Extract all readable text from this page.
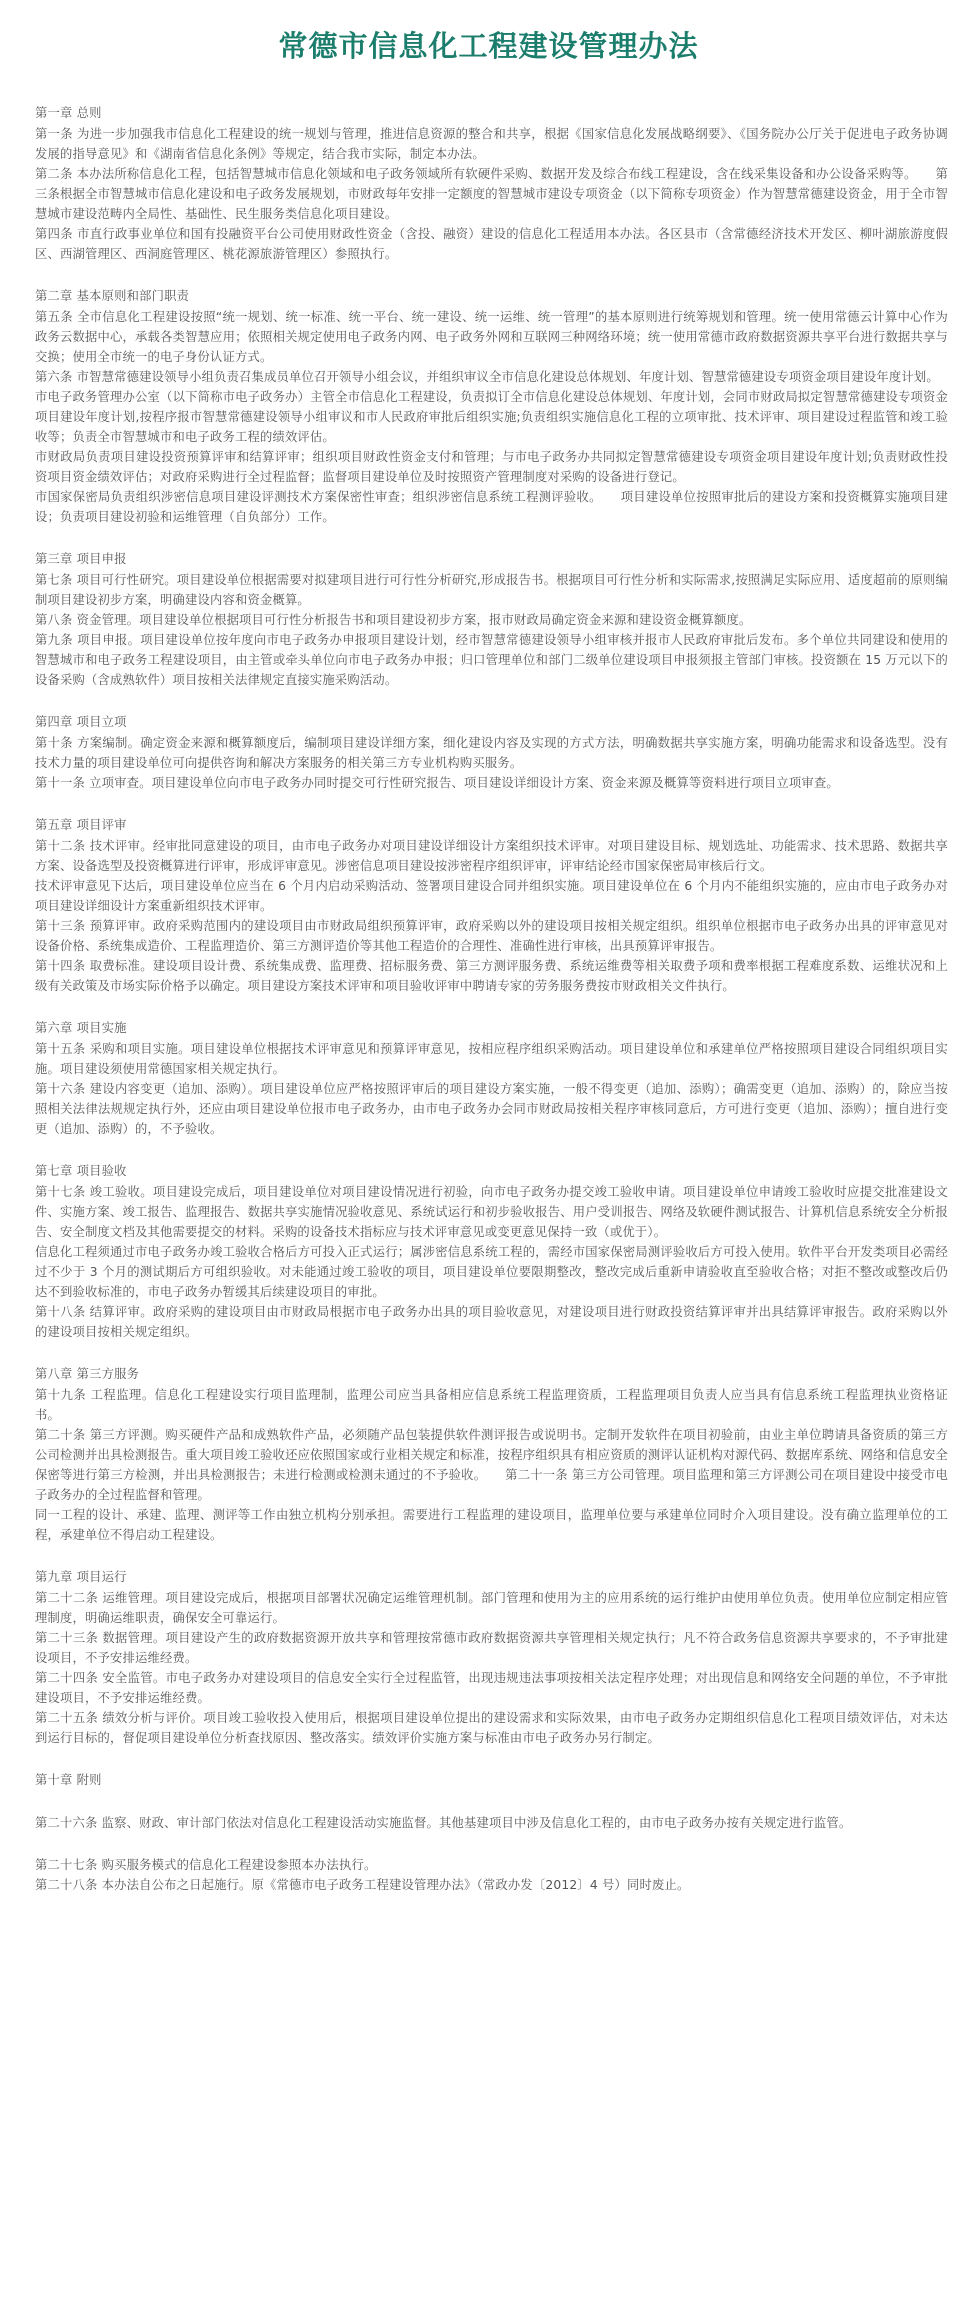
常德市信息化工程建设管理办法

第一章 总则

第一条 为进一步加强我市信息化工程建设的统一规划与管理，推进信息资源的整合和共享，根据《国家信息化发展战略纲要》、《国务院办公厅关于促进电子政务协调发展的指导意见》和《湖南省信息化条例》等规定，结合我市实际，制定本办法。

第二条 本办法所称信息化工程，包括智慧城市信息化领域和电子政务领域所有软硬件采购、数据开发及综合布线工程建设，含在线采集设备和办公设备采购等。　　第三条根据全市智慧城市信息化建设和电子政务发展规划，市财政每年安排一定额度的智慧城市建设专项资金（以下简称专项资金）作为智慧常德建设资金，用于全市智慧城市建设范畴内全局性、基础性、民生服务类信息化项目建设。

第四条 市直行政事业单位和国有投融资平台公司使用财政性资金（含投、融资）建设的信息化工程适用本办法。各区县市（含常德经济技术开发区、柳叶湖旅游度假区、西湖管理区、西洞庭管理区、桃花源旅游管理区）参照执行。

第二章 基本原则和部门职责

第五条 全市信息化工程建设按照“统一规划、统一标准、统一平台、统一建设、统一运维、统一管理”的基本原则进行统筹规划和管理。统一使用常德云计算中心作为政务云数据中心，承载各类智慧应用；依照相关规定使用电子政务内网、电子政务外网和互联网三种网络环境；统一使用常德市政府数据资源共享平台进行数据共享与交换；使用全市统一的电子身份认证方式。

第六条 市智慧常德建设领导小组负责召集成员单位召开领导小组会议，并组织审议全市信息化建设总体规划、年度计划、智慧常德建设专项资金项目建设年度计划。

市电子政务管理办公室（以下简称市电子政务办）主管全市信息化工程建设，负责拟订全市信息化建设总体规划、年度计划，会同市财政局拟定智慧常德建设专项资金项目建设年度计划,按程序报市智慧常德建设领导小组审议和市人民政府审批后组织实施;负责组织实施信息化工程的立项审批、技术评审、项目建设过程监管和竣工验收等；负责全市智慧城市和电子政务工程的绩效评估。

市财政局负责项目建设投资预算评审和结算评审；组织项目财政性资金支付和管理；与市电子政务办共同拟定智慧常德建设专项资金项目建设年度计划;负责财政性投资项目资金绩效评估；对政府采购进行全过程监督；监督项目建设单位及时按照资产管理制度对采购的设备进行登记。

市国家保密局负责组织涉密信息项目建设评测技术方案保密性审查；组织涉密信息系统工程测评验收。　　项目建设单位按照审批后的建设方案和投资概算实施项目建设；负责项目建设初验和运维管理（自负部分）工作。

第三章 项目申报

第七条 项目可行性研究。项目建设单位根据需要对拟建项目进行可行性分析研究,形成报告书。根据项目可行性分析和实际需求,按照满足实际应用、适度超前的原则编制项目建设初步方案，明确建设内容和资金概算。

第八条 资金管理。项目建设单位根据项目可行性分析报告书和项目建设初步方案，报市财政局确定资金来源和建设资金概算额度。

第九条 项目申报。项目建设单位按年度向市电子政务办申报项目建设计划，经市智慧常德建设领导小组审核并报市人民政府审批后发布。多个单位共同建设和使用的智慧城市和电子政务工程建设项目，由主管或牵头单位向市电子政务办申报；归口管理单位和部门二级单位建设项目申报须报主管部门审核。投资额在 15 万元以下的设备采购（含成熟软件）项目按相关法律规定直接实施采购活动。

第四章 项目立项

第十条 方案编制。确定资金来源和概算额度后，编制项目建设详细方案，细化建设内容及实现的方式方法，明确数据共享实施方案，明确功能需求和设备选型。没有技术力量的项目建设单位可向提供咨询和解决方案服务的相关第三方专业机构购买服务。

第十一条 立项审查。项目建设单位向市电子政务办同时提交可行性研究报告、项目建设详细设计方案、资金来源及概算等资料进行项目立项审查。

第五章 项目评审

第十二条 技术评审。经审批同意建设的项目，由市电子政务办对项目建设详细设计方案组织技术评审。对项目建设目标、规划选址、功能需求、技术思路、数据共享方案、设备选型及投资概算进行评审，形成评审意见。涉密信息项目建设按涉密程序组织评审，评审结论经市国家保密局审核后行文。

技术评审意见下达后，项目建设单位应当在 6 个月内启动采购活动、签署项目建设合同并组织实施。项目建设单位在 6 个月内不能组织实施的，应由市电子政务办对项目建设详细设计方案重新组织技术评审。

第十三条 预算评审。政府采购范围内的建设项目由市财政局组织预算评审，政府采购以外的建设项目按相关规定组织。组织单位根据市电子政务办出具的评审意见对设备价格、系统集成造价、工程监理造价、第三方测评造价等其他工程造价的合理性、准确性进行审核，出具预算评审报告。

第十四条 取费标准。建设项目设计费、系统集成费、监理费、招标服务费、第三方测评服务费、系统运维费等相关取费予项和费率根据工程难度系数、运维状况和上级有关政策及市场实际价格予以确定。项目建设方案技术评审和项目验收评审中聘请专家的劳务服务费按市财政相关文件执行。

第六章 项目实施

第十五条 采购和项目实施。项目建设单位根据技术评审意见和预算评审意见，按相应程序组织采购活动。项目建设单位和承建单位严格按照项目建设合同组织项目实施。项目建设须使用常德国家相关规定执行。

第十六条 建设内容变更（追加、添购）。项目建设单位应严格按照评审后的项目建设方案实施，一般不得变更（追加、添购）；确需变更（追加、添购）的，除应当按照相关法律法规规定执行外，还应由项目建设单位报市电子政务办，由市电子政务办会同市财政局按相关程序审核同意后，方可进行变更（追加、添购）；擅自进行变更（追加、添购）的，不予验收。

第七章 项目验收

第十七条 竣工验收。项目建设完成后，项目建设单位对项目建设情况进行初验，向市电子政务办提交竣工验收申请。项目建设单位申请竣工验收时应提交批准建设文件、实施方案、竣工报告、监理报告、数据共享实施情况验收意见、系统试运行和初步验收报告、用户受训报告、网络及软硬件测试报告、计算机信息系统安全分析报告、安全制度文档及其他需要提交的材料。采购的设备技术指标应与技术评审意见或变更意见保持一致（或优于）。

信息化工程须通过市电子政务办竣工验收合格后方可投入正式运行；属涉密信息系统工程的，需经市国家保密局测评验收后方可投入使用。软件平台开发类项目必需经过不少于 3 个月的测试期后方可组织验收。对未能通过竣工验收的项目，项目建设单位要限期整改，整改完成后重新申请验收直至验收合格；对拒不整改或整改后仍达不到验收标准的，市电子政务办暂缓其后续建设项目的审批。

第十八条 结算评审。政府采购的建设项目由市财政局根据市电子政务办出具的项目验收意见，对建设项目进行财政投资结算评审并出具结算评审报告。政府采购以外的建设项目按相关规定组织。

第八章 第三方服务

第十九条 工程监理。信息化工程建设实行项目监理制，监理公司应当具备相应信息系统工程监理资质，工程监理项目负责人应当具有信息系统工程监理执业资格证书。

第二十条 第三方评测。购买硬件产品和成熟软件产品，必须随产品包装提供软件测评报告或说明书。定制开发软件在项目初验前，由业主单位聘请具备资质的第三方公司检测并出具检测报告。重大项目竣工验收还应依照国家或行业相关规定和标准，按程序组织具有相应资质的测评认证机构对源代码、数据库系统、网络和信息安全保密等进行第三方检测，并出具检测报告；未进行检测或检测未通过的不予验收。　　第二十一条 第三方公司管理。项目监理和第三方评测公司在项目建设中接受市电子政务办的全过程监督和管理。

同一工程的设计、承建、监理、测评等工作由独立机构分别承担。需要进行工程监理的建设项目，监理单位要与承建单位同时介入项目建设。没有确立监理单位的工程，承建单位不得启动工程建设。

第九章 项目运行

第二十二条 运维管理。项目建设完成后，根据项目部署状况确定运维管理机制。部门管理和使用为主的应用系统的运行维护由使用单位负责。使用单位应制定相应管理制度，明确运维职责，确保安全可靠运行。

第二十三条 数据管理。项目建设产生的政府数据资源开放共享和管理按常德市政府数据资源共享管理相关规定执行；凡不符合政务信息资源共享要求的，不予审批建设项目，不予安排运维经费。

第二十四条 安全监管。市电子政务办对建设项目的信息安全实行全过程监管，出现违规违法事项按相关法定程序处理；对出现信息和网络安全问题的单位，不予审批建设项目，不予安排运维经费。

第二十五条 绩效分析与评价。项目竣工验收投入使用后，根据项目建设单位提出的建设需求和实际效果，由市电子政务办定期组织信息化工程项目绩效评估，对未达到运行目标的，督促项目建设单位分析查找原因、整改落实。绩效评价实施方案与标准由市电子政务办另行制定。

第十章 附则

第二十六条 监察、财政、审计部门依法对信息化工程建设活动实施监督。其他基建项目中涉及信息化工程的，由市电子政务办按有关规定进行监管。

第二十七条 购买服务模式的信息化工程建设参照本办法执行。

第二十八条 本办法自公布之日起施行。原《常德市电子政务工程建设管理办法》（常政办发〔2012〕4 号）同时废止。
